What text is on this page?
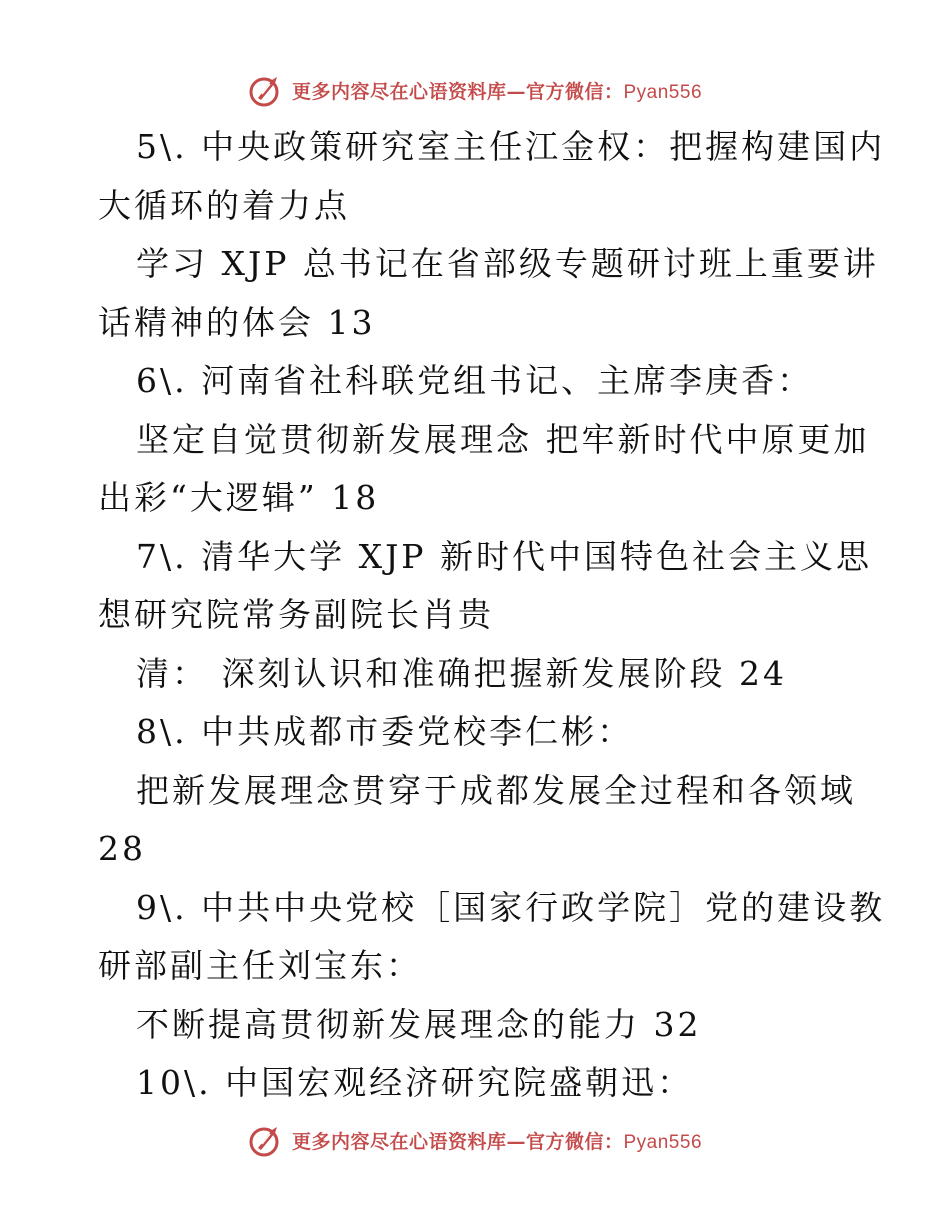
更多内容尽在心语资料库—官方微信：Pyan556
5\. 中央政策研究室主任江金权：把握构建国内
大循环的着力点
学习 XJP 总书记在省部级专题研讨班上重要讲
话精神的体会 13
6\. 河南省社科联党组书记、主席李庚香：
坚定自觉贯彻新发展理念 把牢新时代中原更加
出彩“大逻辑” 18
7\. 清华大学 XJP 新时代中国特色社会主义思
想研究院常务副院长肖贵
清： 深刻认识和准确把握新发展阶段 24
8\. 中共成都市委党校李仁彬：
把新发展理念贯穿于成都发展全过程和各领域
28
9\. 中共中央党校［国家行政学院］党的建设教
研部副主任刘宝东：
不断提高贯彻新发展理念的能力 32
10\. 中国宏观经济研究院盛朝迅：
更多内容尽在心语资料库—官方微信：Pyan556
